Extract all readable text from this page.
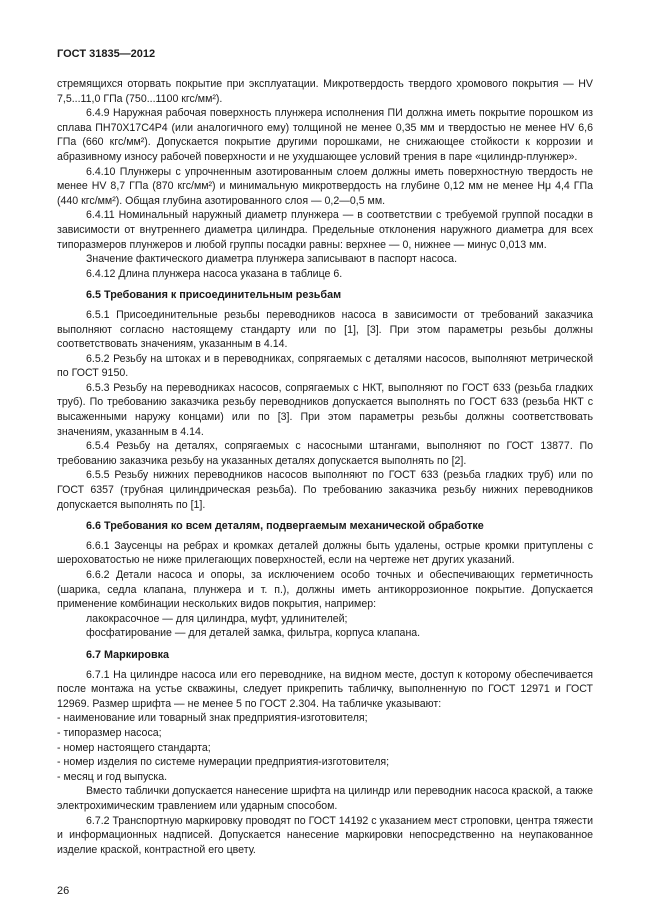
ГОСТ 31835—2012

стремящихся оторвать покрытие при эксплуатации. Микротвердость твердого хромового покрытия — HV 7,5...11,0 ГПа (750...1100 кгс/мм²).

6.4.9 Наружная рабочая поверхность плунжера исполнения ПИ должна иметь покрытие порошком из сплава ПН70Х17С4Р4 (или аналогичного ему) толщиной не менее 0,35 мм и твердостью не менее HV 6,6 ГПа (660 кгс/мм²). Допускается покрытие другими порошками, не снижающее стойкости к коррозии и абразивному износу рабочей поверхности и не ухудшающее условий трения в паре «цилиндр-плунжер».

6.4.10 Плунжеры с упрочненным азотированным слоем должны иметь поверхностную твердость не менее HV 8,7 ГПа (870 кгс/мм²) и минимальную микротвердость на глубине 0,12 мм не менее Hμ 4,4 ГПа (440 кгс/мм²). Общая глубина азотированного слоя — 0,2—0,5 мм.

6.4.11 Номинальный наружный диаметр плунжера — в соответствии с требуемой группой посадки в зависимости от внутреннего диаметра цилиндра. Предельные отклонения наружного диаметра для всех типоразмеров плунжеров и любой группы посадки равны: верхнее — 0, нижнее — минус 0,013 мм.

Значение фактического диаметра плунжера записывают в паспорт насоса.

6.4.12 Длина плунжера насоса указана в таблице 6.

6.5 Требования к присоединительным резьбам

6.5.1 Присоединительные резьбы переводников насоса в зависимости от требований заказчика выполняют согласно настоящему стандарту или по [1], [3]. При этом параметры резьбы должны соответствовать значениям, указанным в 4.14.

6.5.2 Резьбу на штоках и в переводниках, сопрягаемых с деталями насосов, выполняют метрической по ГОСТ 9150.

6.5.3 Резьбу на переводниках насосов, сопрягаемых с НКТ, выполняют по ГОСТ 633 (резьба гладких труб). По требованию заказчика резьбу переводников допускается выполнять по ГОСТ 633 (резьба НКТ с высаженными наружу концами) или по [3]. При этом параметры резьбы должны соответствовать значениям, указанным в 4.14.

6.5.4 Резьбу на деталях, сопрягаемых с насосными штангами, выполняют по ГОСТ 13877. По требованию заказчика резьбу на указанных деталях допускается выполнять по [2].

6.5.5 Резьбу нижних переводников насосов выполняют по ГОСТ 633 (резьба гладких труб) или по ГОСТ 6357 (трубная цилиндрическая резьба). По требованию заказчика резьбу нижних переводников допускается выполнять по [1].

6.6 Требования ко всем деталям, подвергаемым механической обработке

6.6.1 Заусенцы на ребрах и кромках деталей должны быть удалены, острые кромки притуплены с шероховатостью не ниже прилегающих поверхностей, если на чертеже нет других указаний.

6.6.2 Детали насоса и опоры, за исключением особо точных и обеспечивающих герметичность (шарика, седла клапана, плунжера и т. п.), должны иметь антикоррозионное покрытие. Допускается применение комбинации нескольких видов покрытия, например:

лакокрасочное — для цилиндра, муфт, удлинителей;

фосфатирование — для деталей замка, фильтра, корпуса клапана.

6.7 Маркировка

6.7.1 На цилиндре насоса или его переводнике, на видном месте, доступ к которому обеспечивается после монтажа на устье скважины, следует прикрепить табличку, выполненную по ГОСТ 12971 и ГОСТ 12969. Размер шрифта — не менее 5 по ГОСТ 2.304. На табличке указывают:

- наименование или товарный знак предприятия-изготовителя;

- типоразмер насоса;

- номер настоящего стандарта;

- номер изделия по системе нумерации предприятия-изготовителя;

- месяц и год выпуска.

Вместо таблички допускается нанесение шрифта на цилиндр или переводник насоса краской, а также электрохимическим травлением или ударным способом.

6.7.2 Транспортную маркировку проводят по ГОСТ 14192 с указанием мест строповки, центра тяжести и информационных надписей. Допускается нанесение маркировки непосредственно на неупакованное изделие краской, контрастной его цвету.

26
